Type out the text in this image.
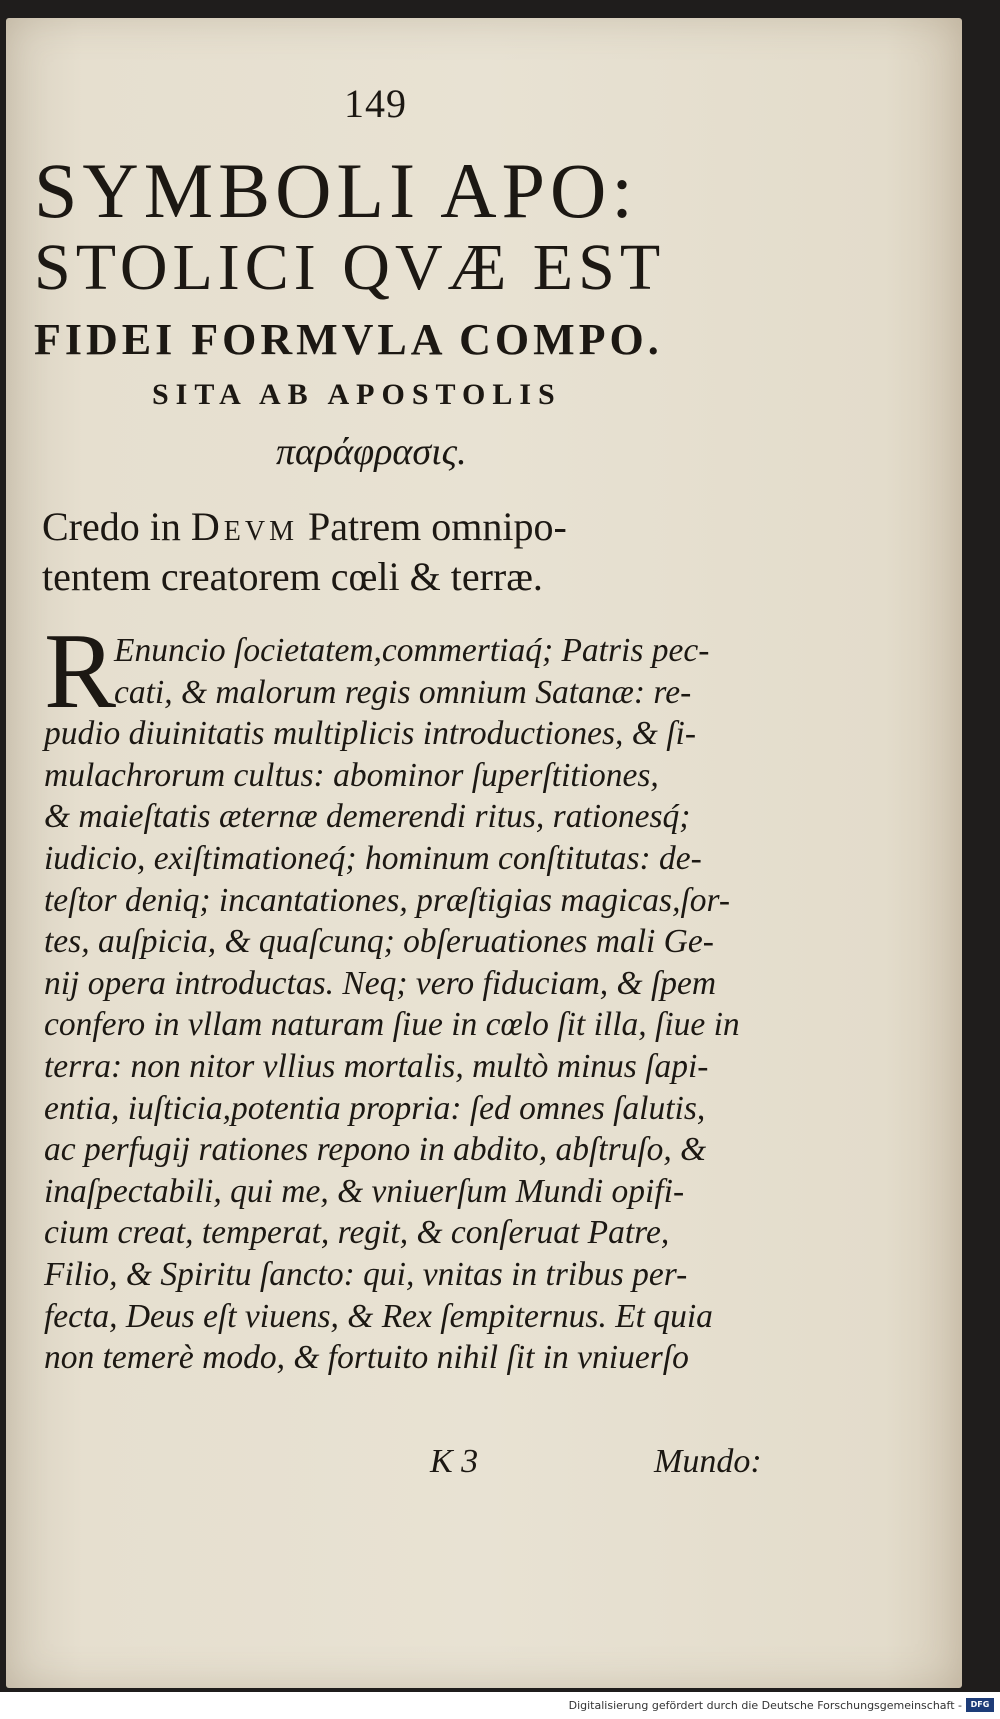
149
SYMBOLI APO:
STOLICI QVÆ EST
FIDEI FORMVLA COMPO.
SITA AB APOSTOLIS
παράφρασις.
Credo in Devm Patrem omnipo-
tentem creatorem cœli & terræ.
R
Enuncio ſocietatem,commertiaq́; Patris pec-
cati, & malorum regis omnium Satanæ: re-
pudio diuinitatis multiplicis introductiones, & ſi-
mulachrorum cultus: abominor ſuperſtitiones,
& maieſtatis æternæ demerendi ritus, rationesq́;
iudicio, exiſtimationeq́; hominum conſtitutas: de-
teſtor deniq; incantationes, præſtigias magicas,ſor-
tes, auſpicia, & quaſcunq; obſeruationes mali Ge-
nij opera introductas. Neq; vero fiduciam, & ſpem
confero in vllam naturam ſiue in cœlo ſit illa, ſiue in
terra: non nitor vllius mortalis, multò minus ſapi-
entia, iuſticia,potentia propria: ſed omnes ſalutis,
ac perfugij rationes repono in abdito, abſtruſo, &
inaſpectabili, qui me, & vniuerſum Mundi opifi-
cium creat, temperat, regit, & conſeruat Patre,
Filio, & Spiritu ſancto: qui, vnitas in tribus per-
fecta, Deus eſt viuens, & Rex ſempiternus. Et quia
non temerè modo, & fortuito nihil ſit in vniuerſo
K 3	Mundo:
Digitalisierung gefördert durch die Deutsche Forschungsgemeinschaft -	DFG
